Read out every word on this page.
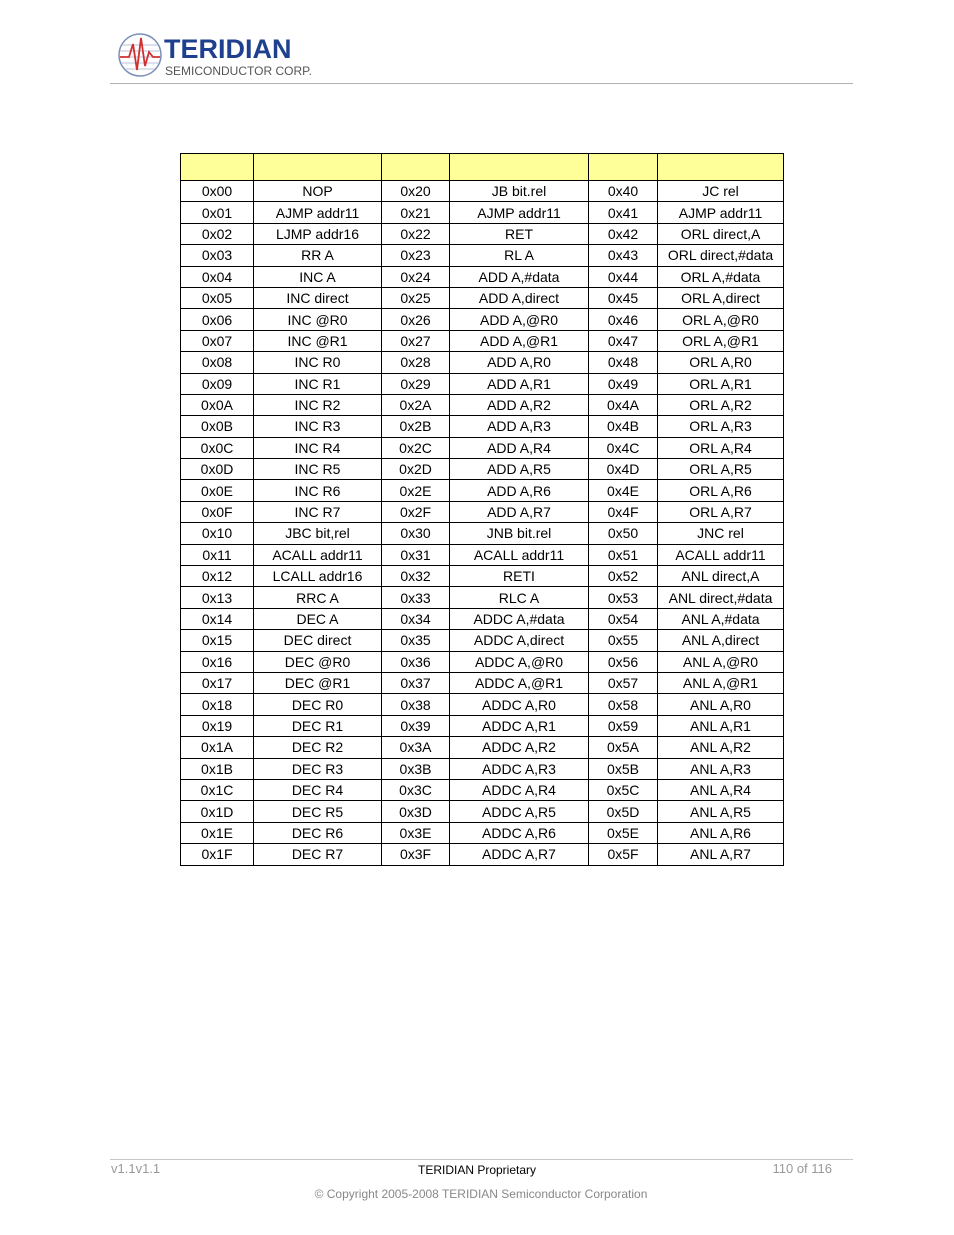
TERIDIAN
SEMICONDUCTOR CORP.

0x00	NOP	0x20	JB bit.rel	0x40	JC rel
0x01	AJMP addr11	0x21	AJMP addr11	0x41	AJMP addr11
0x02	LJMP addr16	0x22	RET	0x42	ORL direct,A
0x03	RR A	0x23	RL A	0x43	ORL direct,#data
0x04	INC A	0x24	ADD A,#data	0x44	ORL A,#data
0x05	INC direct	0x25	ADD A,direct	0x45	ORL A,direct
0x06	INC @R0	0x26	ADD A,@R0	0x46	ORL A,@R0
0x07	INC @R1	0x27	ADD A,@R1	0x47	ORL A,@R1
0x08	INC R0	0x28	ADD A,R0	0x48	ORL A,R0
0x09	INC R1	0x29	ADD A,R1	0x49	ORL A,R1
0x0A	INC R2	0x2A	ADD A,R2	0x4A	ORL A,R2
0x0B	INC R3	0x2B	ADD A,R3	0x4B	ORL A,R3
0x0C	INC R4	0x2C	ADD A,R4	0x4C	ORL A,R4
0x0D	INC R5	0x2D	ADD A,R5	0x4D	ORL A,R5
0x0E	INC R6	0x2E	ADD A,R6	0x4E	ORL A,R6
0x0F	INC R7	0x2F	ADD A,R7	0x4F	ORL A,R7
0x10	JBC bit,rel	0x30	JNB bit.rel	0x50	JNC rel
0x11	ACALL addr11	0x31	ACALL addr11	0x51	ACALL addr11
0x12	LCALL addr16	0x32	RETI	0x52	ANL direct,A
0x13	RRC A	0x33	RLC A	0x53	ANL direct,#data
0x14	DEC A	0x34	ADDC A,#data	0x54	ANL A,#data
0x15	DEC direct	0x35	ADDC A,direct	0x55	ANL A,direct
0x16	DEC @R0	0x36	ADDC A,@R0	0x56	ANL A,@R0
0x17	DEC @R1	0x37	ADDC A,@R1	0x57	ANL A,@R1
0x18	DEC R0	0x38	ADDC A,R0	0x58	ANL A,R0
0x19	DEC R1	0x39	ADDC A,R1	0x59	ANL A,R1
0x1A	DEC R2	0x3A	ADDC A,R2	0x5A	ANL A,R2
0x1B	DEC R3	0x3B	ADDC A,R3	0x5B	ANL A,R3
0x1C	DEC R4	0x3C	ADDC A,R4	0x5C	ANL A,R4
0x1D	DEC R5	0x3D	ADDC A,R5	0x5D	ANL A,R5
0x1E	DEC R6	0x3E	ADDC A,R6	0x5E	ANL A,R6
0x1F	DEC R7	0x3F	ADDC A,R7	0x5F	ANL A,R7
v1.1v1.1	TERIDIAN Proprietary	110 of 116
© Copyright 2005-2008 TERIDIAN Semiconductor Corporation
